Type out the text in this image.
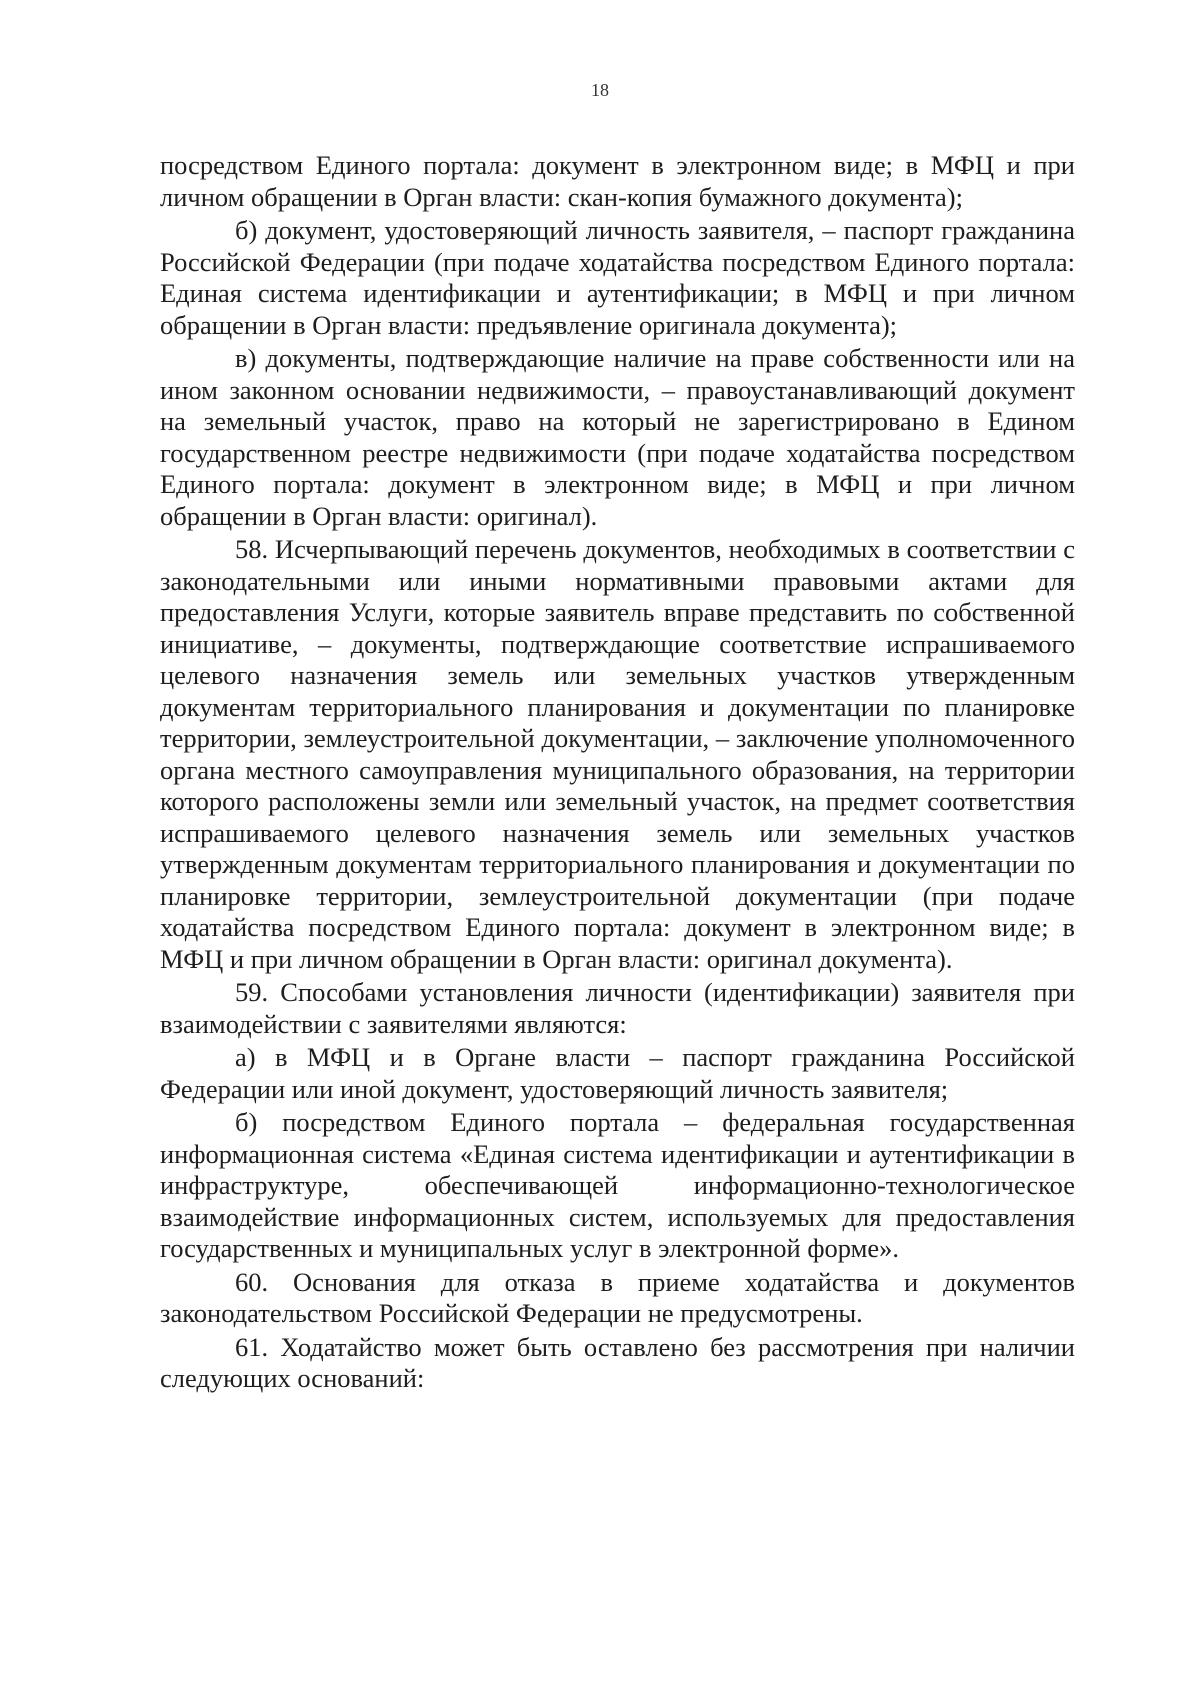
18

посредством Единого портала: документ в электронном виде; в МФЦ и при личном обращении в Орган власти: скан-копия бумажного документа);

б) документ, удостоверяющий личность заявителя, – паспорт гражданина Российской Федерации (при подаче ходатайства посредством Единого портала: Единая система идентификации и аутентификации; в МФЦ и при личном обращении в Орган власти: предъявление оригинала документа);

в) документы, подтверждающие наличие на праве собственности или на ином законном основании недвижимости, – правоустанавливающий документ на земельный участок, право на который не зарегистрировано в Едином государственном реестре недвижимости (при подаче ходатайства посредством Единого портала: документ в электронном виде; в МФЦ и при личном обращении в Орган власти: оригинал).

58. Исчерпывающий перечень документов, необходимых в соответствии с законодательными или иными нормативными правовыми актами для предоставления Услуги, которые заявитель вправе представить по собственной инициативе, – документы, подтверждающие соответствие испрашиваемого целевого назначения земель или земельных участков утвержденным документам территориального планирования и документации по планировке территории, землеустроительной документации, – заключение уполномоченного органа местного самоуправления муниципального образования, на территории которого расположены земли или земельный участок, на предмет соответствия испрашиваемого целевого назначения земель или земельных участков утвержденным документам территориального планирования и документации по планировке территории, землеустроительной документации (при подаче ходатайства посредством Единого портала: документ в электронном виде; в МФЦ и при личном обращении в Орган власти: оригинал документа).

59. Способами установления личности (идентификации) заявителя при взаимодействии с заявителями являются:

а) в МФЦ и в Органе власти – паспорт гражданина Российской Федерации или иной документ, удостоверяющий личность заявителя;

б) посредством Единого портала – федеральная государственная информационная система «Единая система идентификации и аутентификации в инфраструктуре, обеспечивающей информационно-технологическое взаимодействие информационных систем, используемых для предоставления государственных и муниципальных услуг в электронной форме».

60. Основания для отказа в приеме ходатайства и документов законодательством Российской Федерации не предусмотрены.

61. Ходатайство может быть оставлено без рассмотрения при наличии следующих оснований:
